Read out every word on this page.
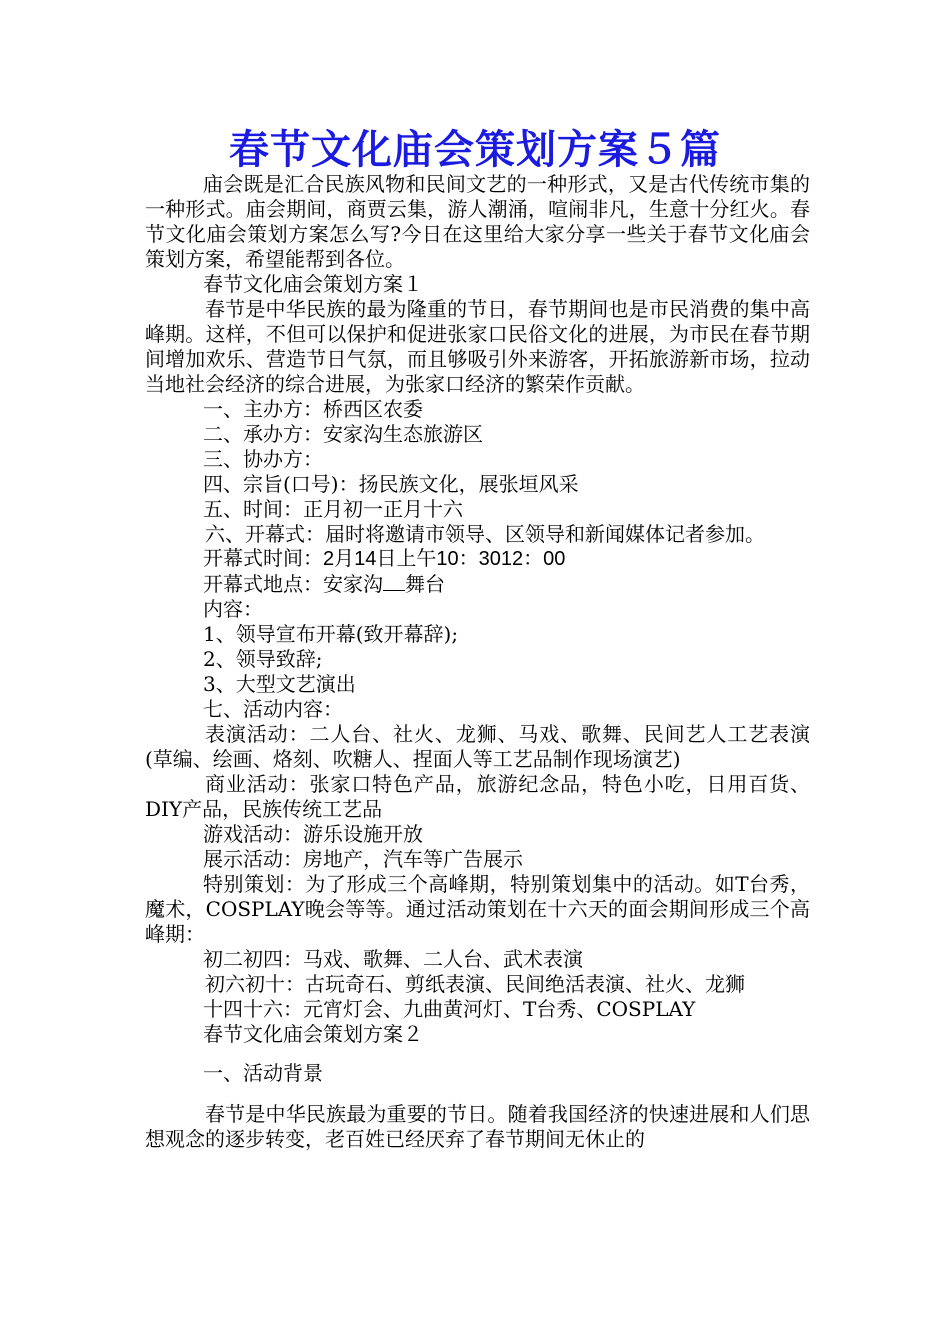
春节文化庙会策划方案５篇

庙会既是汇合民族风物和民间文艺的一种形式，又是古代传统市集的一种形式。庙会期间，商贾云集，游人潮涌，喧闹非凡，生意十分红火。春节文化庙会策划方案怎么写?今日在这里给大家分享一些关于春节文化庙会策划方案，希望能帮到各位。

春节文化庙会策划方案１

春节是中华民族的最为隆重的节日，春节期间也是市民消费的集中高峰期。这样，不但可以保护和促进张家口民俗文化的进展，为市民在春节期间增加欢乐、营造节日气氛，而且够吸引外来游客，开拓旅游新市场，拉动当地社会经济的综合进展，为张家口经济的繁荣作贡献。

一、主办方：桥西区农委

二、承办方：安家沟生态旅游区

三、协办方：

四、宗旨(口号)：扬民族文化，展张垣风采

五、时间：正月初一正月十六

六、开幕式：届时将邀请市领导、区领导和新闻媒体记者参加。

开幕式时间：2月14日上午10：3012：00

开幕式地点：安家沟 舞台

内容：

1、领导宣布开幕(致开幕辞);

2、领导致辞;

3、大型文艺演出

七、活动内容：

表演活动：二人台、社火、龙狮、马戏、歌舞、民间艺人工艺表演(草编、绘画、烙刻、吹糖人、捏面人等工艺品制作现场演艺)

商业活动：张家口特色产品，旅游纪念品，特色小吃，日用百货、DIY产品，民族传统工艺品

游戏活动：游乐设施开放

展示活动：房地产，汽车等广告展示

特别策划：为了形成三个高峰期，特别策划集中的活动。如T台秀，魔术，COSPLAY晚会等等。通过活动策划在十六天的面会期间形成三个高峰期：

初二初四：马戏、歌舞、二人台、武术表演

初六初十：古玩奇石、剪纸表演、民间绝活表演、社火、龙狮

十四十六：元宵灯会、九曲黄河灯、T台秀、COSPLAY

春节文化庙会策划方案２

一、活动背景

春节是中华民族最为重要的节日。随着我国经济的快速进展和人们思想观念的逐步转变，老百姓已经厌弃了春节期间无休止的
